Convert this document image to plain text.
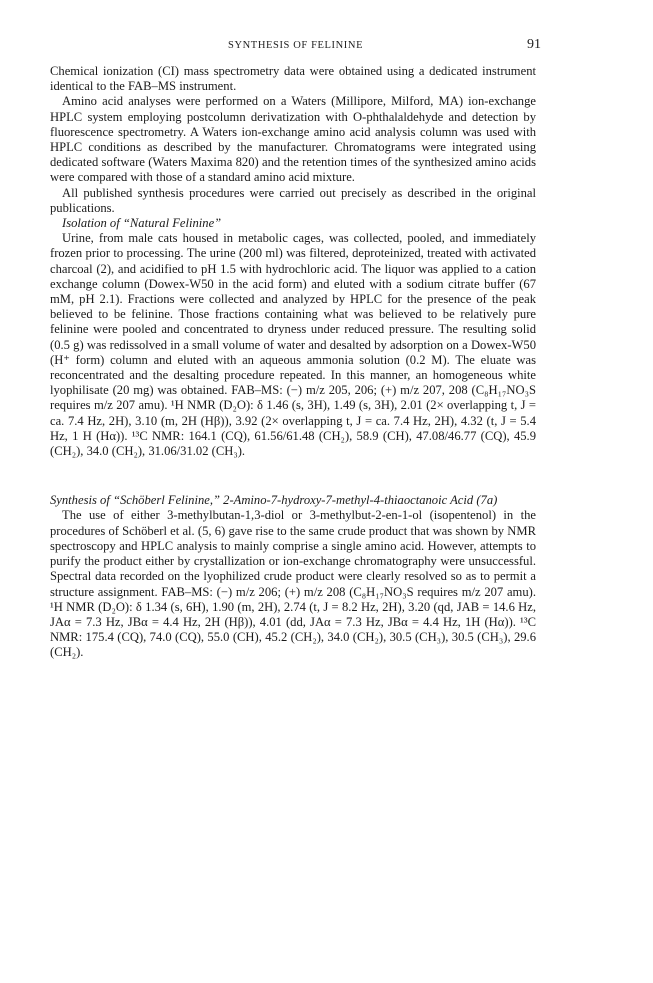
SYNTHESIS OF FELININE	91

Chemical ionization (CI) mass spectrometry data were obtained using a dedicated instrument identical to the FAB–MS instrument.

Amino acid analyses were performed on a Waters (Millipore, Milford, MA) ion-exchange HPLC system employing postcolumn derivatization with O-phthalaldehyde and detection by fluorescence spectrometry. A Waters ion-exchange amino acid analysis column was used with HPLC conditions as described by the manufacturer. Chromatograms were integrated using dedicated software (Waters Maxima 820) and the retention times of the synthesized amino acids were compared with those of a standard amino acid mixture.

All published synthesis procedures were carried out precisely as described in the original publications.

Isolation of “Natural Felinine”

Urine, from male cats housed in metabolic cages, was collected, pooled, and immediately frozen prior to processing. The urine (200 ml) was filtered, deproteinized, treated with activated charcoal (2), and acidified to pH 1.5 with hydrochloric acid. The liquor was applied to a cation exchange column (Dowex-W50 in the acid form) and eluted with a sodium citrate buffer (67 mM, pH 2.1). Fractions were collected and analyzed by HPLC for the presence of the peak believed to be felinine. Those fractions containing what was believed to be relatively pure felinine were pooled and concentrated to dryness under reduced pressure. The resulting solid (0.5 g) was redissolved in a small volume of water and desalted by adsorption on a Dowex-W50 (H⁺ form) column and eluted with an aqueous ammonia solution (0.2 M). The eluate was reconcentrated and the desalting procedure repeated. In this manner, an homogeneous white lyophilisate (20 mg) was obtained. FAB–MS: (−) m/z 205, 206; (+) m/z 207, 208 (C₈H₁₇NO₃S requires m/z 207 amu). ¹H NMR (D₂O): δ 1.46 (s, 3H), 1.49 (s, 3H), 2.01 (2× overlapping t, J = ca. 7.4 Hz, 2H), 3.10 (m, 2H (Hβ)), 3.92 (2× overlapping t, J = ca. 7.4 Hz, 2H), 4.32 (t, J = 5.4 Hz, 1 H (Hα)). ¹³C NMR: 164.1 (CQ), 61.56/61.48 (CH₂), 58.9 (CH), 47.08/46.77 (CQ), 45.9 (CH₂), 34.0 (CH₂), 31.06/31.02 (CH₃).

Synthesis of “Schöberl Felinine,” 2-Amino-7-hydroxy-7-methyl-4-thiaoctanoic Acid (7a)

The use of either 3-methylbutan-1,3-diol or 3-methylbut-2-en-1-ol (isopentenol) in the procedures of Schöberl et al. (5, 6) gave rise to the same crude product that was shown by NMR spectroscopy and HPLC analysis to mainly comprise a single amino acid. However, attempts to purify the product either by crystallization or ion-exchange chromatography were unsuccessful. Spectral data recorded on the lyophilized crude product were clearly resolved so as to permit a structure assignment. FAB–MS: (−) m/z 206; (+) m/z 208 (C₈H₁₇NO₃S requires m/z 207 amu). ¹H NMR (D₂O): δ 1.34 (s, 6H), 1.90 (m, 2H), 2.74 (t, J = 8.2 Hz, 2H), 3.20 (qd, JAB = 14.6 Hz, JAα = 7.3 Hz, JBα = 4.4 Hz, 2H (Hβ)), 4.01 (dd, JAα = 7.3 Hz, JBα = 4.4 Hz, 1H (Hα)). ¹³C NMR: 175.4 (CQ), 74.0 (CQ), 55.0 (CH), 45.2 (CH₂), 34.0 (CH₂), 30.5 (CH₃), 30.5 (CH₃), 29.6 (CH₂).
